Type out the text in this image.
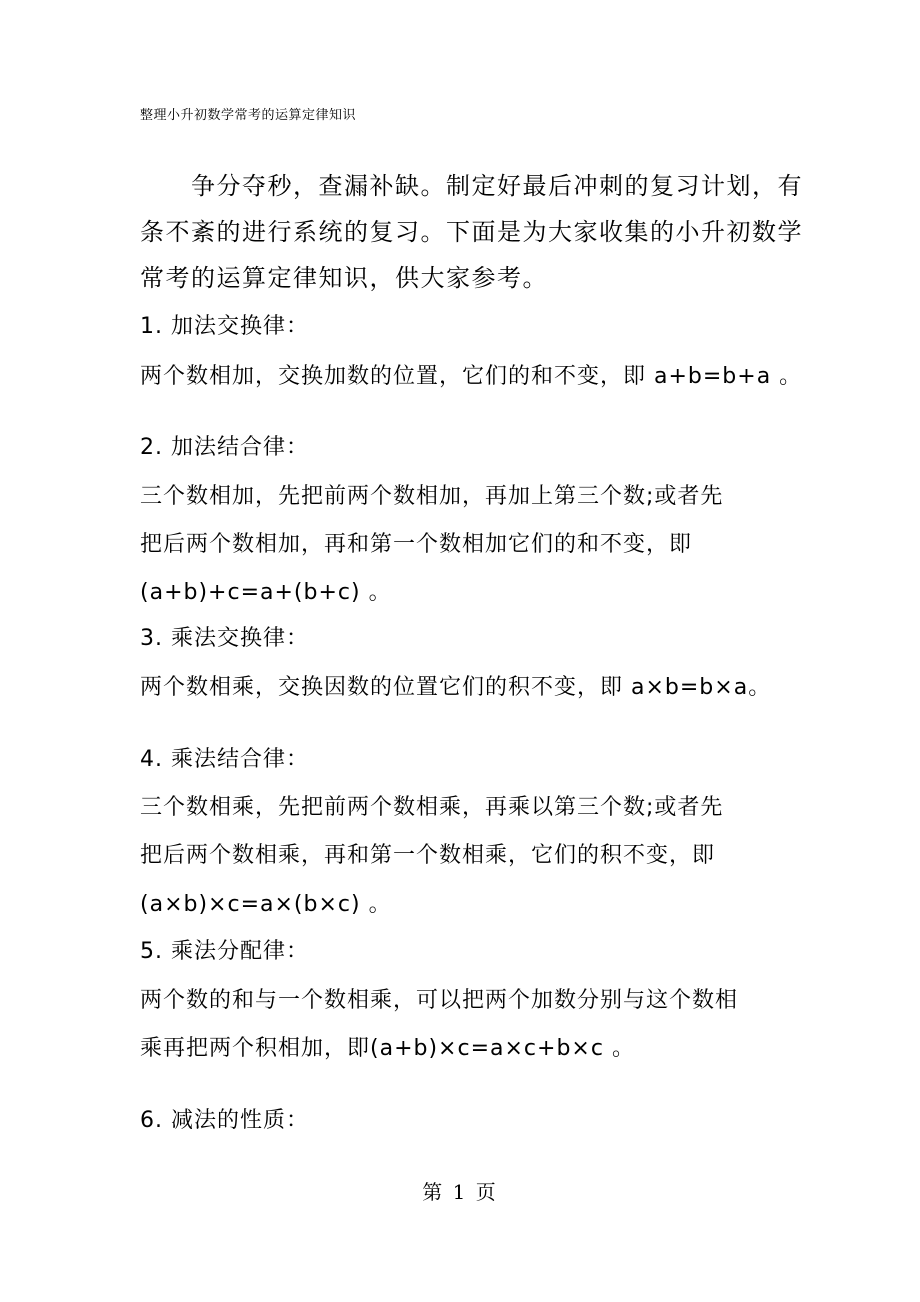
整理小升初数学常考的运算定律知识
　　争分夺秒，查漏补缺。制定好最后冲刺的复习计划，有
条不紊的进行系统的复习。下面是为大家收集的小升初数学
常考的运算定律知识，供大家参考。
1. 加法交换律：
两个数相加，交换加数的位置，它们的和不变，即 a+b=b+a 。
2. 加法结合律：
三个数相加，先把前两个数相加，再加上第三个数;或者先
把后两个数相加，再和第一个数相加它们的和不变，即
(a+b)+c=a+(b+c) 。
3. 乘法交换律：
两个数相乘，交换因数的位置它们的积不变，即 a×b=b×a。
4. 乘法结合律：
三个数相乘，先把前两个数相乘，再乘以第三个数;或者先
把后两个数相乘，再和第一个数相乘，它们的积不变，即
(a×b)×c=a×(b×c) 。
5. 乘法分配律：
两个数的和与一个数相乘，可以把两个加数分别与这个数相
乘再把两个积相加，即(a+b)×c=a×c+b×c 。
6. 减法的性质：
第 1 页
